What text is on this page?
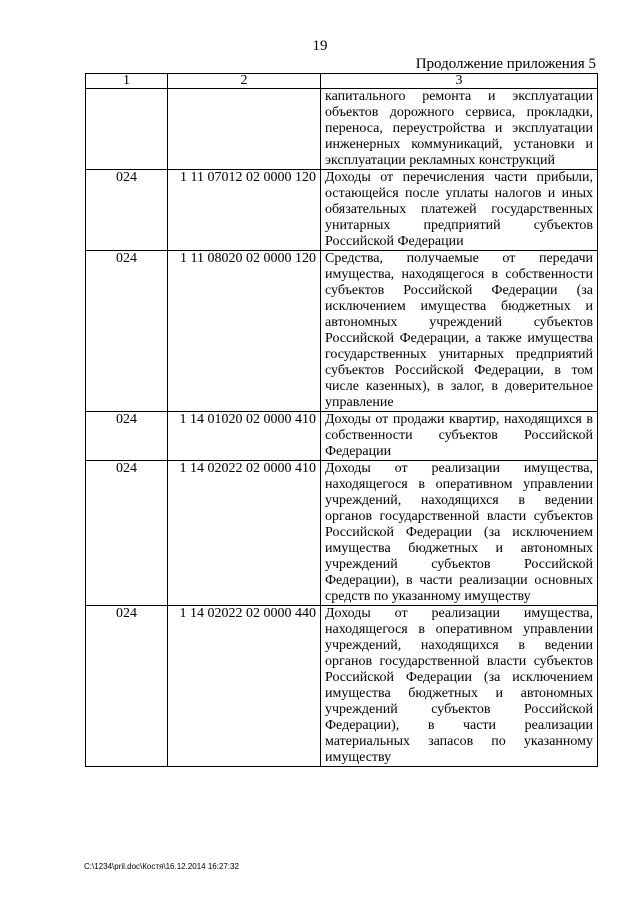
19
Продолжение приложения 5
1	2	3
		капитального ремонта и эксплуатации объектов дорожного сервиса, прокладки, переноса, переустройства и эксплуатации инженерных коммуникаций, установки и эксплуатации рекламных конструкций
024	1 11 07012 02 0000 120	Доходы от перечисления части прибыли, остающейся после уплаты налогов и иных обязательных платежей государственных унитарных предприятий субъектов Российской Федерации
024	1 11 08020 02 0000 120	Средства, получаемые от передачи имущества, находящегося в собственности субъектов Российской Федерации (за исключением имущества бюджетных и автономных учреждений субъектов Российской Федерации, а также имущества государственных унитарных предприятий субъектов Российской Федерации, в том числе казенных), в залог, в доверительное управление
024	1 14 01020 02 0000 410	Доходы от продажи квартир, находящихся в собственности субъектов Российской Федерации
024	1 14 02022 02 0000 410	Доходы от реализации имущества, находящегося в оперативном управлении учреждений, находящихся в ведении органов государственной власти субъектов Российской Федерации (за исключением имущества бюджетных и автономных учреждений субъектов Российской Федерации), в части реализации основных средств по указанному имуществу
024	1 14 02022 02 0000 440	Доходы от реализации имущества, находящегося в оперативном управлении учреждений, находящихся в ведении органов государственной власти субъектов Российской Федерации (за исключением имущества бюджетных и автономных учреждений субъектов Российской Федерации), в части реализации материальных запасов по указанному имуществу
C:\1234\pril.doc\Костя\16.12.2014 16:27:32
